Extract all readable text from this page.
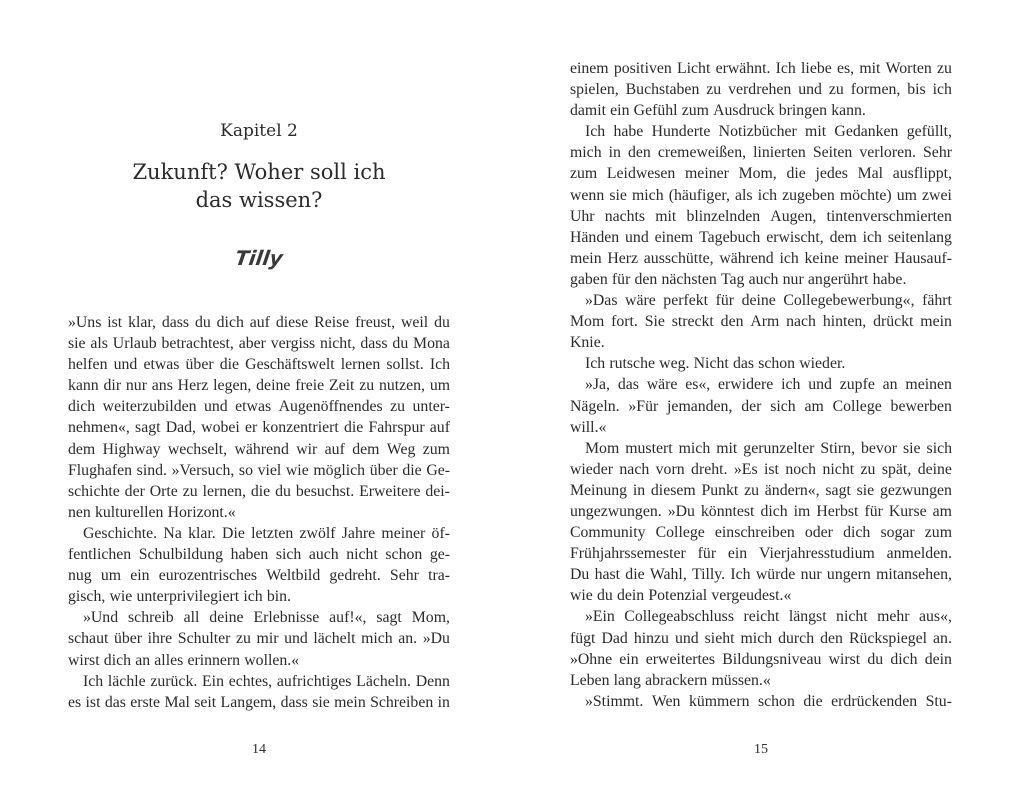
Kapitel 2
Zukunft? Woher soll ich
das wissen?
Tilly
»Uns ist klar, dass du dich auf diese Reise freust, weil du
sie als Urlaub betrachtest, aber vergiss nicht, dass du Mona
helfen und etwas über die Geschäftswelt lernen sollst. Ich
kann dir nur ans Herz legen, deine freie Zeit zu nutzen, um
dich weiterzubilden und etwas Augenöffnendes zu unter-
nehmen«, sagt Dad, wobei er konzentriert die Fahrspur auf
dem Highway wechselt, während wir auf dem Weg zum
Flughafen sind. »Versuch, so viel wie möglich über die Ge-
schichte der Orte zu lernen, die du besuchst. Erweitere dei-
nen kulturellen Horizont.«
Geschichte. Na klar. Die letzten zwölf Jahre meiner öf-
fentlichen Schulbildung haben sich auch nicht schon ge-
nug um ein eurozentrisches Weltbild gedreht. Sehr tra-
gisch, wie unterprivilegiert ich bin.
»Und schreib all deine Erlebnisse auf!«, sagt Mom,
schaut über ihre Schulter zu mir und lächelt mich an. »Du
wirst dich an alles erinnern wollen.«
Ich lächle zurück. Ein echtes, aufrichtiges Lächeln. Denn
es ist das erste Mal seit Langem, dass sie mein Schreiben in
14
einem positiven Licht erwähnt. Ich liebe es, mit Worten zu
spielen, Buchstaben zu verdrehen und zu formen, bis ich
damit ein Gefühl zum Ausdruck bringen kann.
Ich habe Hunderte Notizbücher mit Gedanken gefüllt,
mich in den cremeweißen, linierten Seiten verloren. Sehr
zum Leidwesen meiner Mom, die jedes Mal ausflippt,
wenn sie mich (häufiger, als ich zugeben möchte) um zwei
Uhr nachts mit blinzelnden Augen, tintenverschmierten
Händen und einem Tagebuch erwischt, dem ich seitenlang
mein Herz ausschütte, während ich keine meiner Hausauf-
gaben für den nächsten Tag auch nur angerührt habe.
»Das wäre perfekt für deine Collegebewerbung«, fährt
Mom fort. Sie streckt den Arm nach hinten, drückt mein
Knie.
Ich rutsche weg. Nicht das schon wieder.
»Ja, das wäre es«, erwidere ich und zupfe an meinen
Nägeln. »Für jemanden, der sich am College bewerben
will.«
Mom mustert mich mit gerunzelter Stirn, bevor sie sich
wieder nach vorn dreht. »Es ist noch nicht zu spät, deine
Meinung in diesem Punkt zu ändern«, sagt sie gezwungen
ungezwungen. »Du könntest dich im Herbst für Kurse am
Community College einschreiben oder dich sogar zum
Frühjahrssemester für ein Vierjahresstudium anmelden.
Du hast die Wahl, Tilly. Ich würde nur ungern mitansehen,
wie du dein Potenzial vergeudest.«
»Ein Collegeabschluss reicht längst nicht mehr aus«,
fügt Dad hinzu und sieht mich durch den Rückspiegel an.
»Ohne ein erweitertes Bildungsniveau wirst du dich dein
Leben lang abrackern müssen.«
»Stimmt. Wen kümmern schon die erdrückenden Stu-
15
